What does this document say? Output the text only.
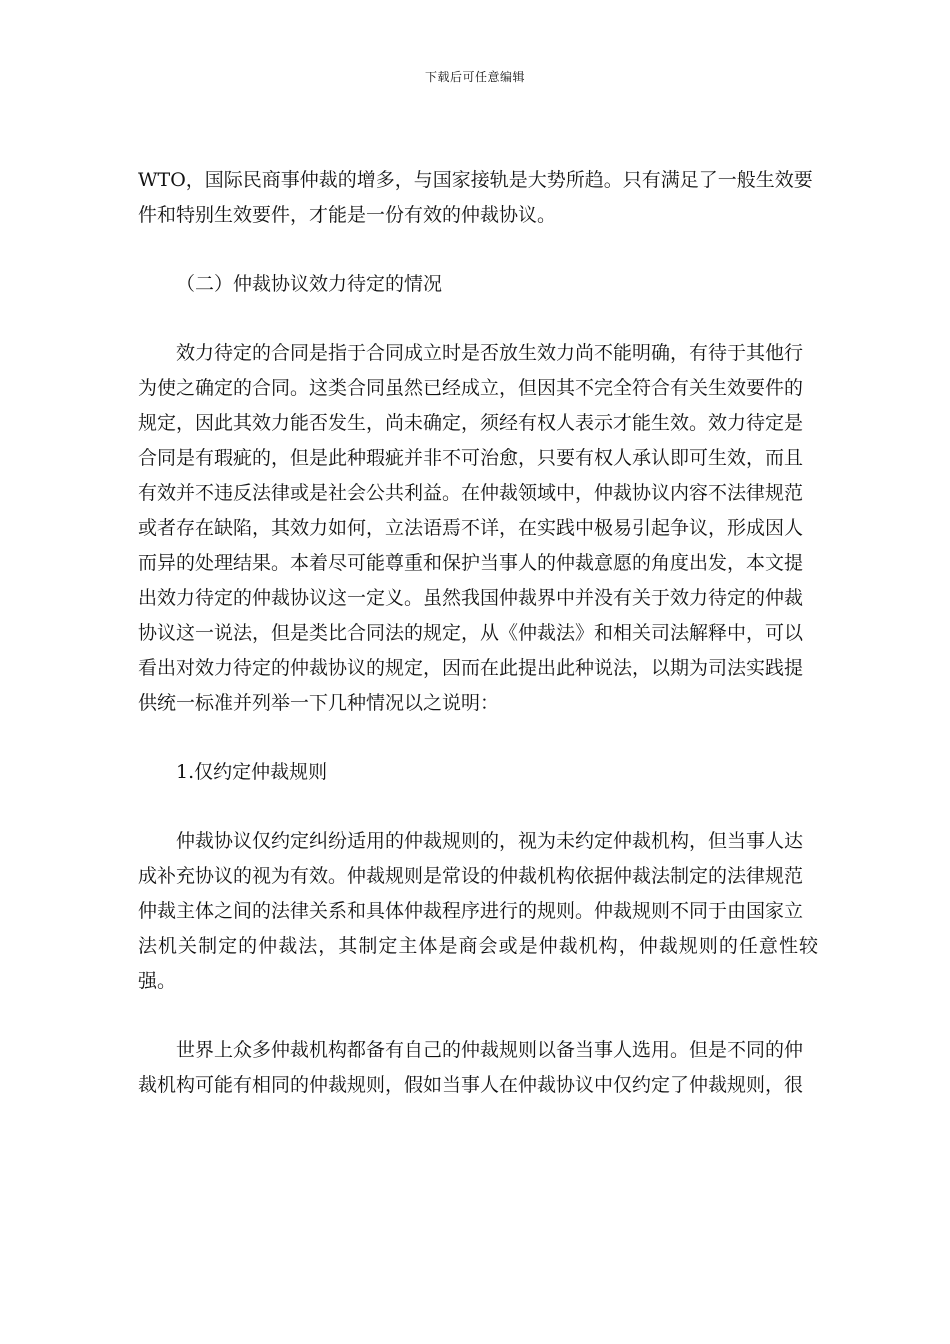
下载后可任意编辑

WTO，国际民商事仲裁的增多，与国家接轨是大势所趋。只有满足了一般生效要
件和特别生效要件，才能是一份有效的仲裁协议。

（二）仲裁协议效力待定的情况

效力待定的合同是指于合同成立时是否放生效力尚不能明确，有待于其他行
为使之确定的合同。这类合同虽然已经成立，但因其不完全符合有关生效要件的
规定，因此其效力能否发生，尚未确定，须经有权人表示才能生效。效力待定是
合同是有瑕疵的，但是此种瑕疵并非不可治愈，只要有权人承认即可生效，而且
有效并不违反法律或是社会公共利益。在仲裁领域中，仲裁协议内容不法律规范
或者存在缺陷，其效力如何，立法语焉不详，在实践中极易引起争议，形成因人
而异的处理结果。本着尽可能尊重和保护当事人的仲裁意愿的角度出发，本文提
出效力待定的仲裁协议这一定义。虽然我国仲裁界中并没有关于效力待定的仲裁
协议这一说法，但是类比合同法的规定，从《仲裁法》和相关司法解释中，可以
看出对效力待定的仲裁协议的规定，因而在此提出此种说法，以期为司法实践提
供统一标准并列举一下几种情况以之说明：

1.仅约定仲裁规则

仲裁协议仅约定纠纷适用的仲裁规则的，视为未约定仲裁机构，但当事人达
成补充协议的视为有效。仲裁规则是常设的仲裁机构依据仲裁法制定的法律规范
仲裁主体之间的法律关系和具体仲裁程序进行的规则。仲裁规则不同于由国家立
法机关制定的仲裁法，其制定主体是商会或是仲裁机构，仲裁规则的任意性较强。

世界上众多仲裁机构都备有自己的仲裁规则以备当事人选用。但是不同的仲
裁机构可能有相同的仲裁规则，假如当事人在仲裁协议中仅约定了仲裁规则，很
